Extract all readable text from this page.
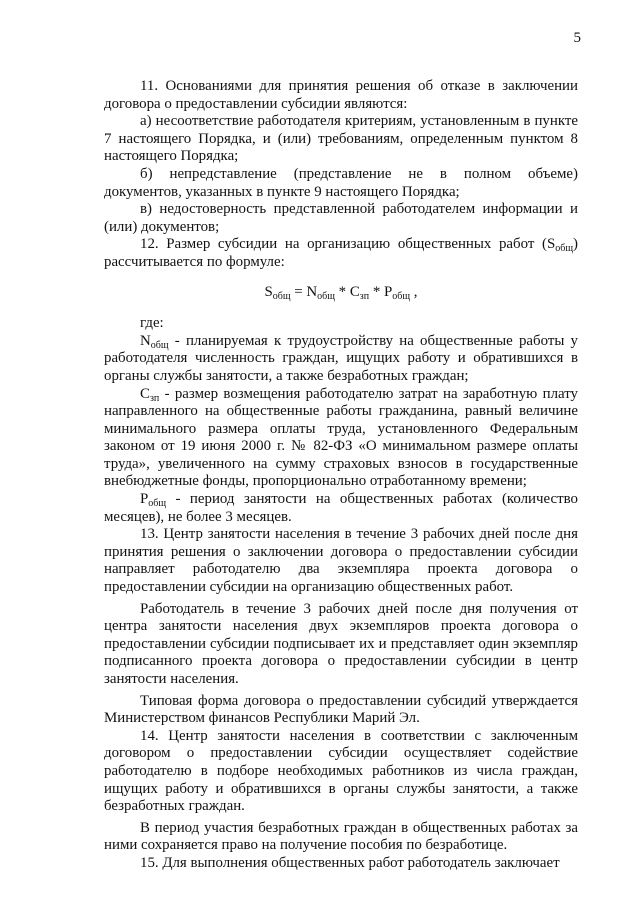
5

11. Основаниями для принятия решения об отказе в заключении договора о предоставлении субсидии являются:

а) несоответствие работодателя критериям, установленным в пункте 7 настоящего Порядка, и (или) требованиям, определенным пунктом 8 настоящего Порядка;

б) непредставление (представление не в полном объеме) документов, указанных в пункте 9 настоящего Порядка;

в) недостоверность представленной работодателем информации и (или) документов;

12. Размер субсидии на организацию общественных работ $(S_{общ})$ рассчитывается по формуле:

$S_{общ} = N_{общ} * С_{зп} * P_{общ}$ ,

где:

$N_{общ}$ - планируемая к трудоустройству на общественные работы у работодателя численность граждан, ищущих работу и обратившихся в органы службы занятости, а также безработных граждан;

$С_{зп}$ - размер возмещения работодателю затрат на заработную плату направленного на общественные работы гражданина, равный величине минимального размера оплаты труда, установленного Федеральным законом от 19 июня 2000 г. № 82-ФЗ «О минимальном размере оплаты труда», увеличенного на сумму страховых взносов в государственные внебюджетные фонды, пропорционально отработанному времени;

$P_{общ}$ - период занятости на общественных работах (количество месяцев), не более 3 месяцев.

13. Центр занятости населения в течение 3 рабочих дней после дня принятия решения о заключении договора о предоставлении субсидии направляет работодателю два экземпляра проекта договора о предоставлении субсидии на организацию общественных работ.

Работодатель в течение 3 рабочих дней после дня получения от центра занятости населения двух экземпляров проекта договора о предоставлении субсидии подписывает их и представляет один экземпляр подписанного проекта договора о предоставлении субсидии в центр занятости населения.

Типовая форма договора о предоставлении субсидий утверждается Министерством финансов Республики Марий Эл.

14. Центр занятости населения в соответствии с заключенным договором о предоставлении субсидии осуществляет содействие работодателю в подборе необходимых работников из числа граждан, ищущих работу и обратившихся в органы службы занятости, а также безработных граждан.

В период участия безработных граждан в общественных работах за ними сохраняется право на получение пособия по безработице.

15. Для выполнения общественных работ работодатель заключает
